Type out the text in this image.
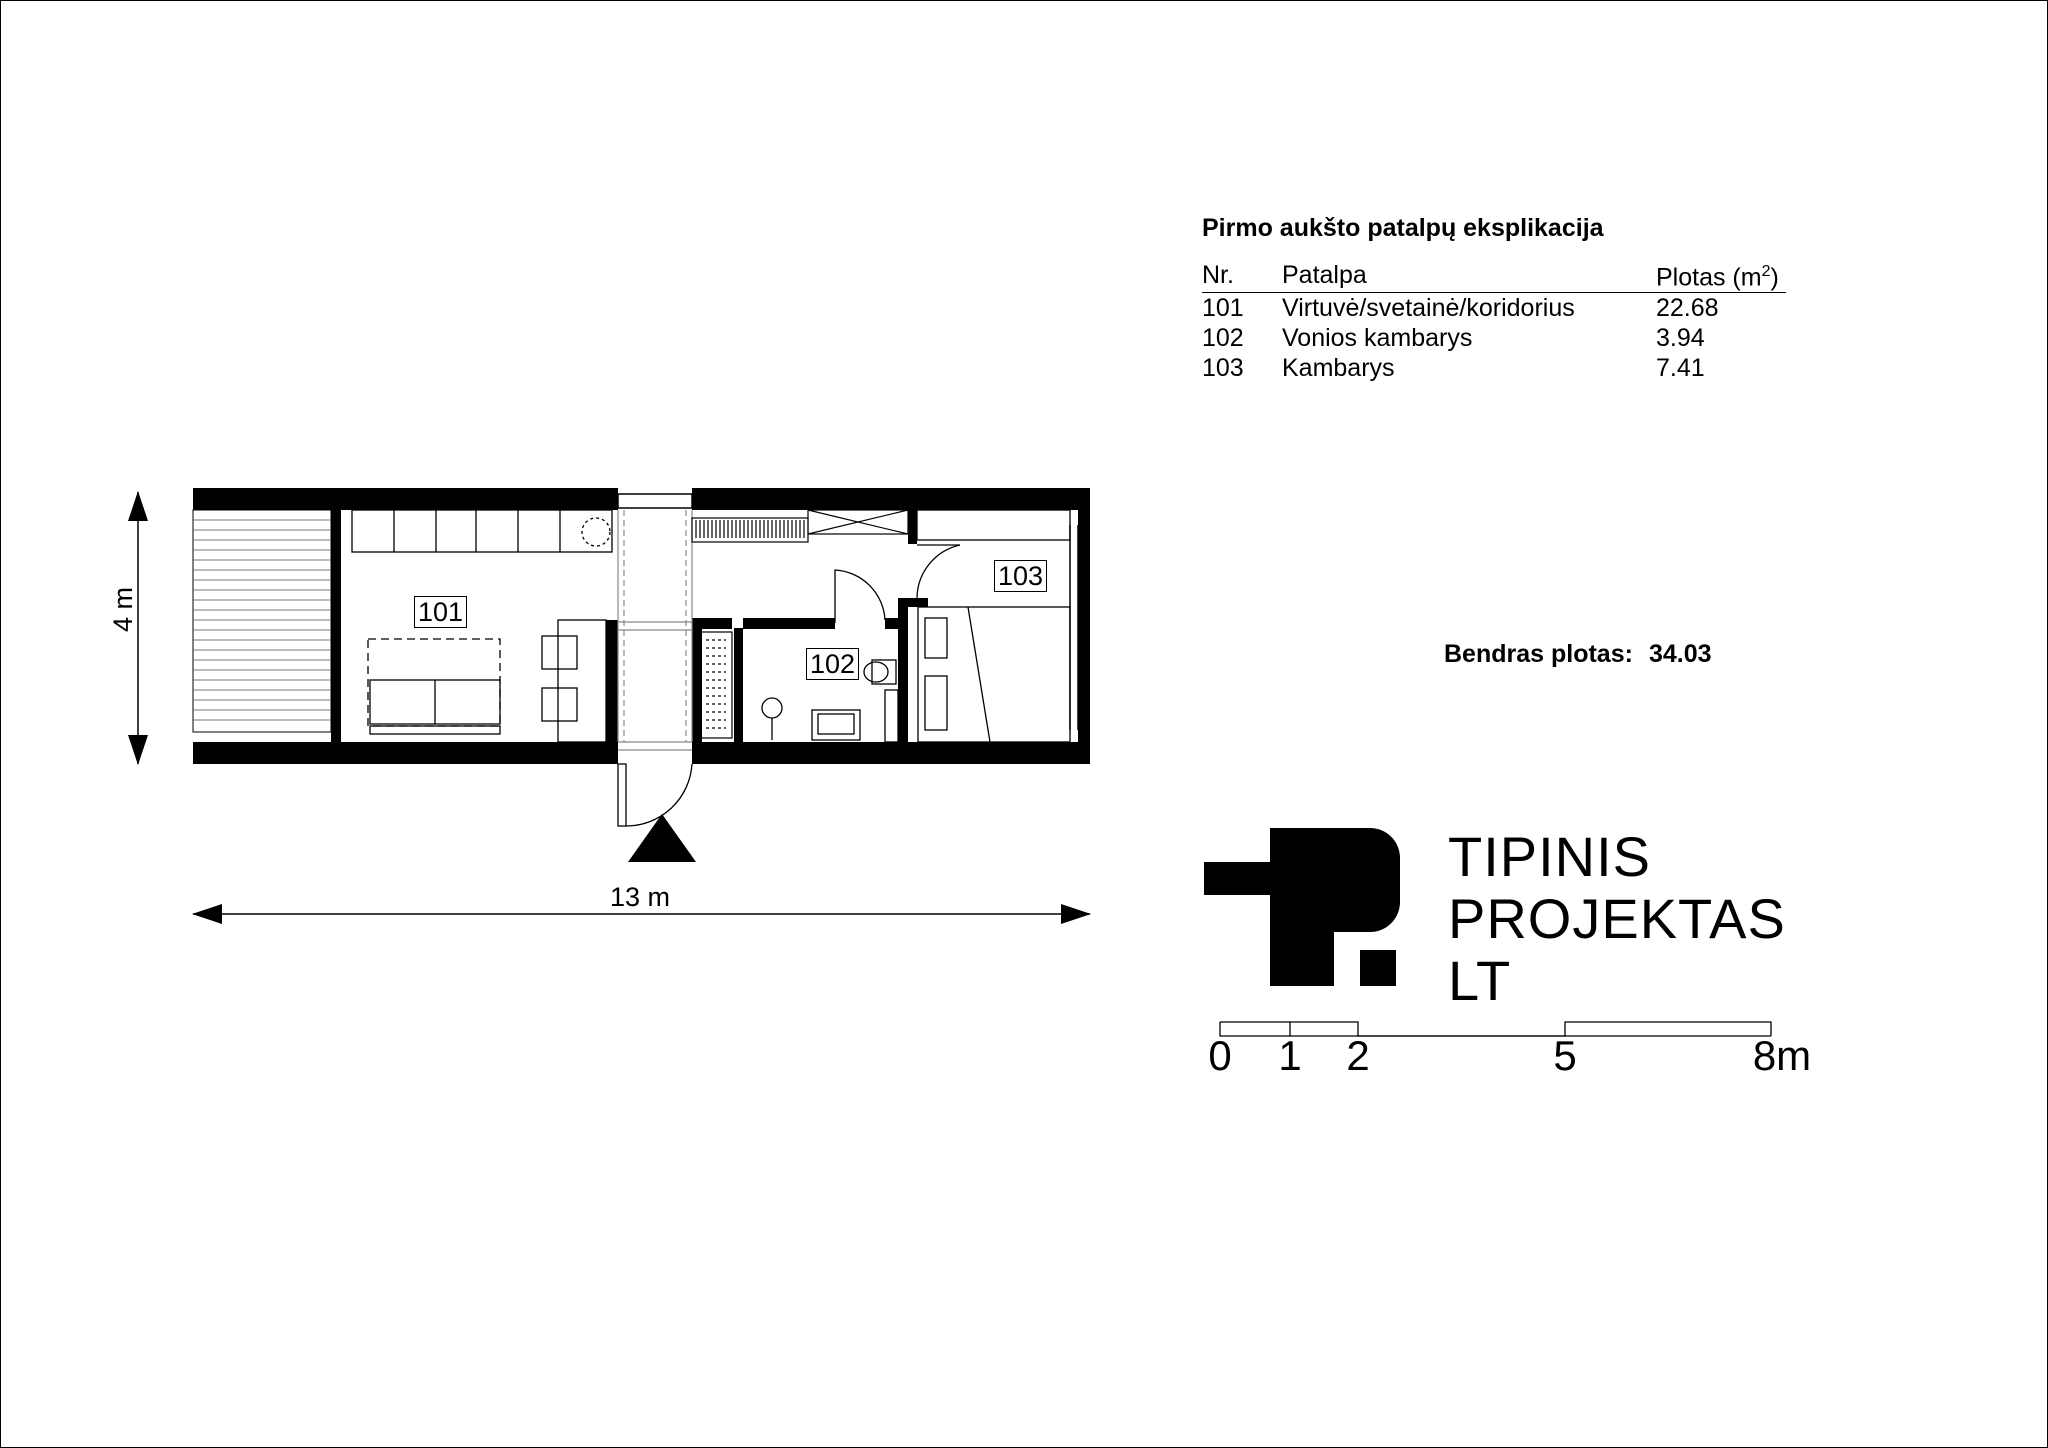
101
102
103
13 m
4 m
Pirmo aukšto patalpų eksplikacija
Nr.	Patalpa	Plotas $(m^2)$
101	Virtuvė/svetainė/koridorius	22.68
102	Vonios kambarys	3.94
103	Kambarys	7.41
Bendras plotas: 34.03
TIPINIS
PROJEKTAS
LT
0 1 2	5	8m
